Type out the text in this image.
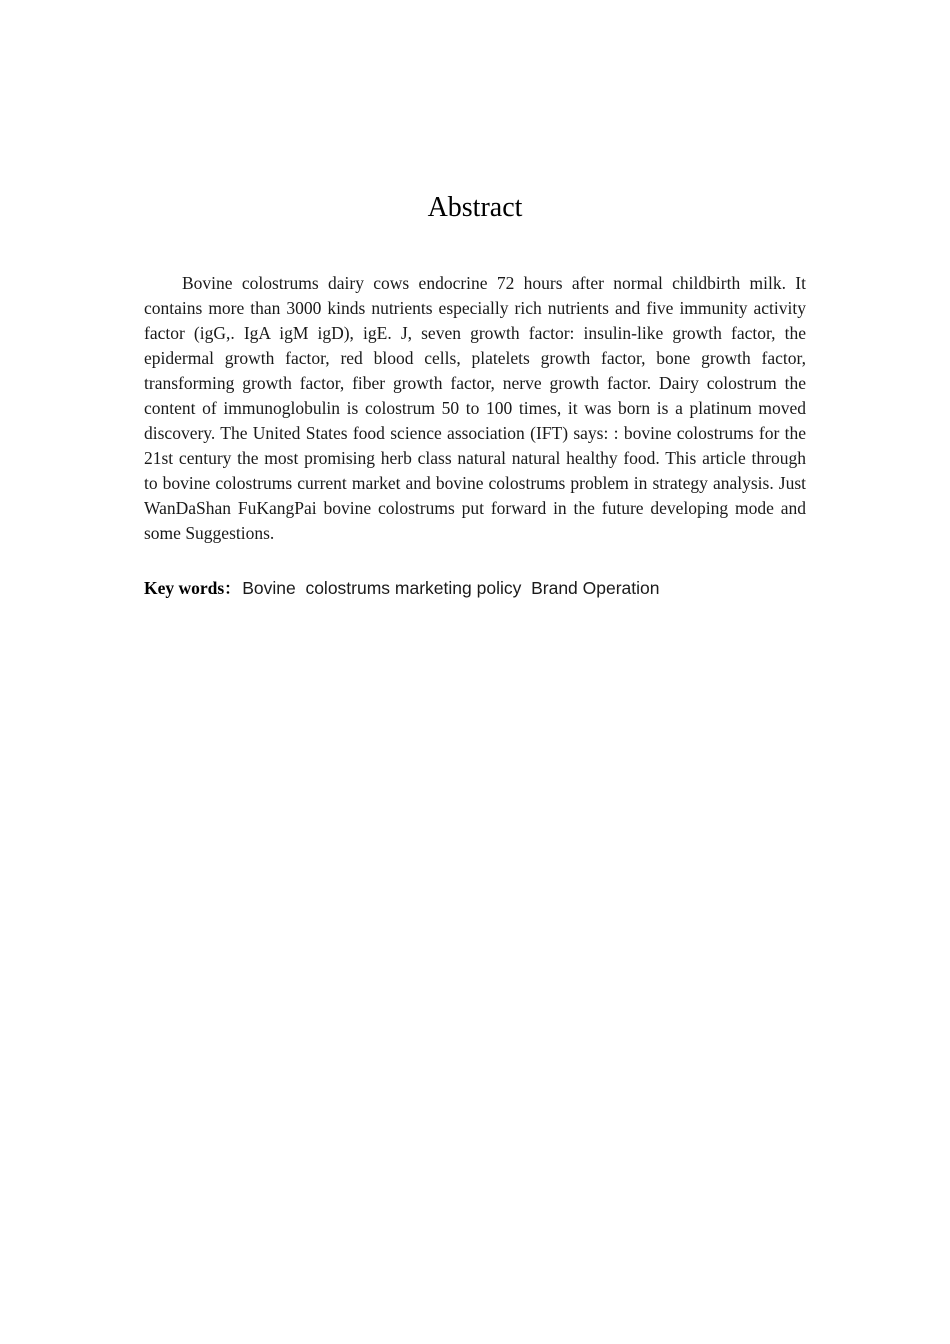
Abstract

Bovine colostrums dairy cows endocrine 72 hours after normal childbirth milk. It contains more than 3000 kinds nutrients especially rich nutrients and five immunity activity factor (igG,. IgA igM igD), igE. J, seven growth factor: insulin-like growth factor, the epidermal growth factor, red blood cells, platelets growth factor, bone growth factor, transforming growth factor, fiber growth factor, nerve growth factor. Dairy colostrum the content of immunoglobulin is colostrum 50 to 100 times, it was born is a platinum moved discovery. The United States food science association (IFT) says: : bovine colostrums for the 21st century the most promising herb class natural natural healthy food. This article through to bovine colostrums current market and bovine colostrums problem in strategy analysis. Just WanDaShan FuKangPai bovine colostrums put forward in the future developing mode and some Suggestions.

Key words： Bovine  colostrums marketing policy  Brand Operation
